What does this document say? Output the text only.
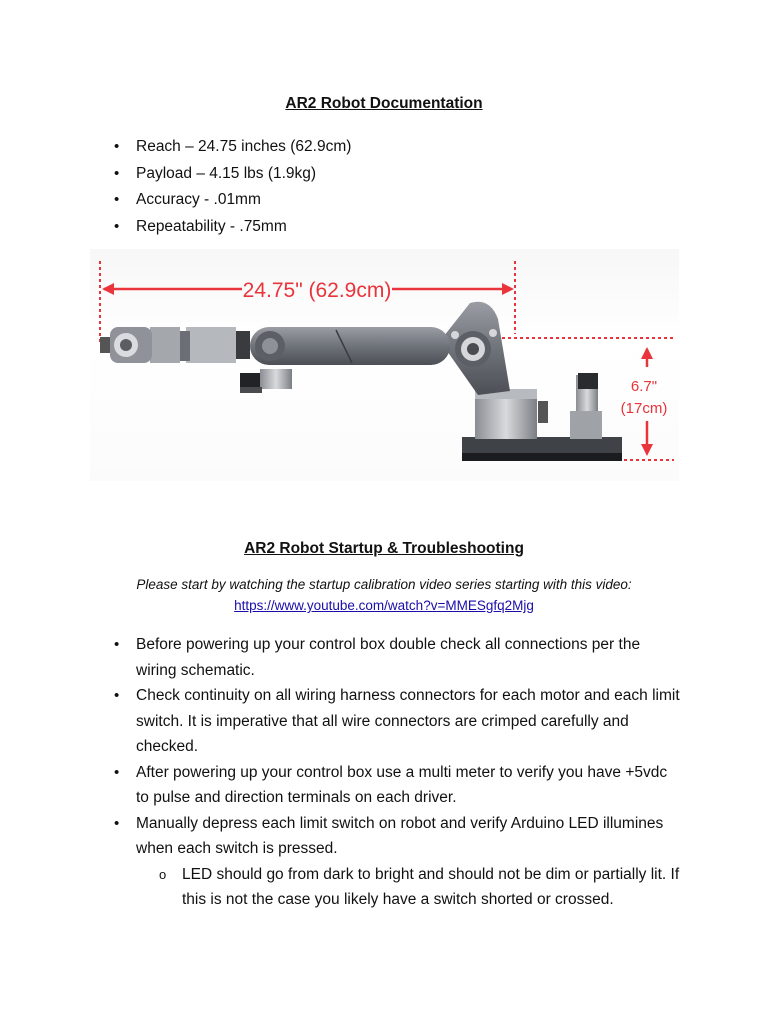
AR2 Robot Documentation
•	Reach – 24.75 inches (62.9cm)
•	Payload – 4.15 lbs (1.9kg)
•	Accuracy - .01mm
•	Repeatability - .75mm
24.75" (62.9cm)
6.7"
(17cm)
AR2 Robot Startup & Troubleshooting
Please start by watching the startup calibration video series starting with this video:
https://www.youtube.com/watch?v=MMESgfq2Mjg
•	Before powering up your control box double check all connections per the wiring schematic.
•	Check continuity on all wiring harness connectors for each motor and each limit switch. It is imperative that all wire connectors are crimped carefully and checked.
•	After powering up your control box use a multi meter to verify you have +5vdc to pulse and direction terminals on each driver.
•	Manually depress each limit switch on robot and verify Arduino LED illumines when each switch is pressed.
o	LED should go from dark to bright and should not be dim or partially lit. If this is not the case you likely have a switch shorted or crossed.
